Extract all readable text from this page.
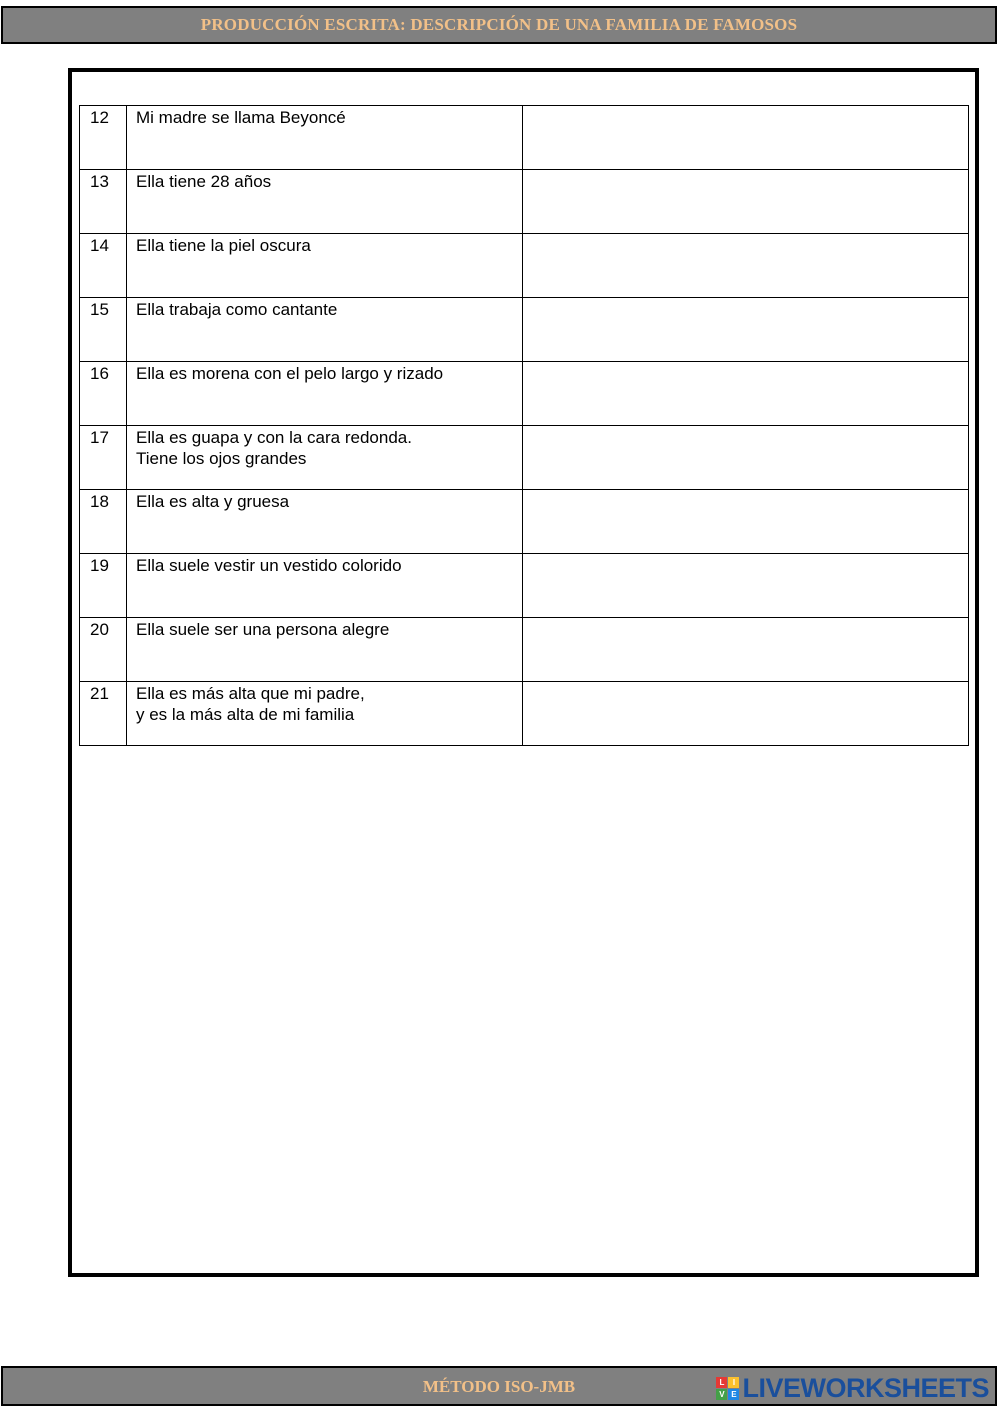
PRODUCCIÓN ESCRITA: DESCRIPCIÓN DE UNA FAMILIA DE FAMOSOS
12	Mi madre se llama Beyoncé	
13	Ella tiene 28 años	
14	Ella tiene la piel oscura	
15	Ella trabaja como cantante	
16	Ella es morena con el pelo largo y rizado	
17	Ella es guapa y con la cara redonda.
Tiene los ojos grandes	
18	Ella es alta y gruesa	
19	Ella suele vestir un vestido colorido	
20	Ella suele ser una persona alegre	
21	Ella es más alta que mi padre,
y es la más alta de mi familia	
MÉTODO ISO-JMB	L	I
V E LIVEWORKSHEETS
